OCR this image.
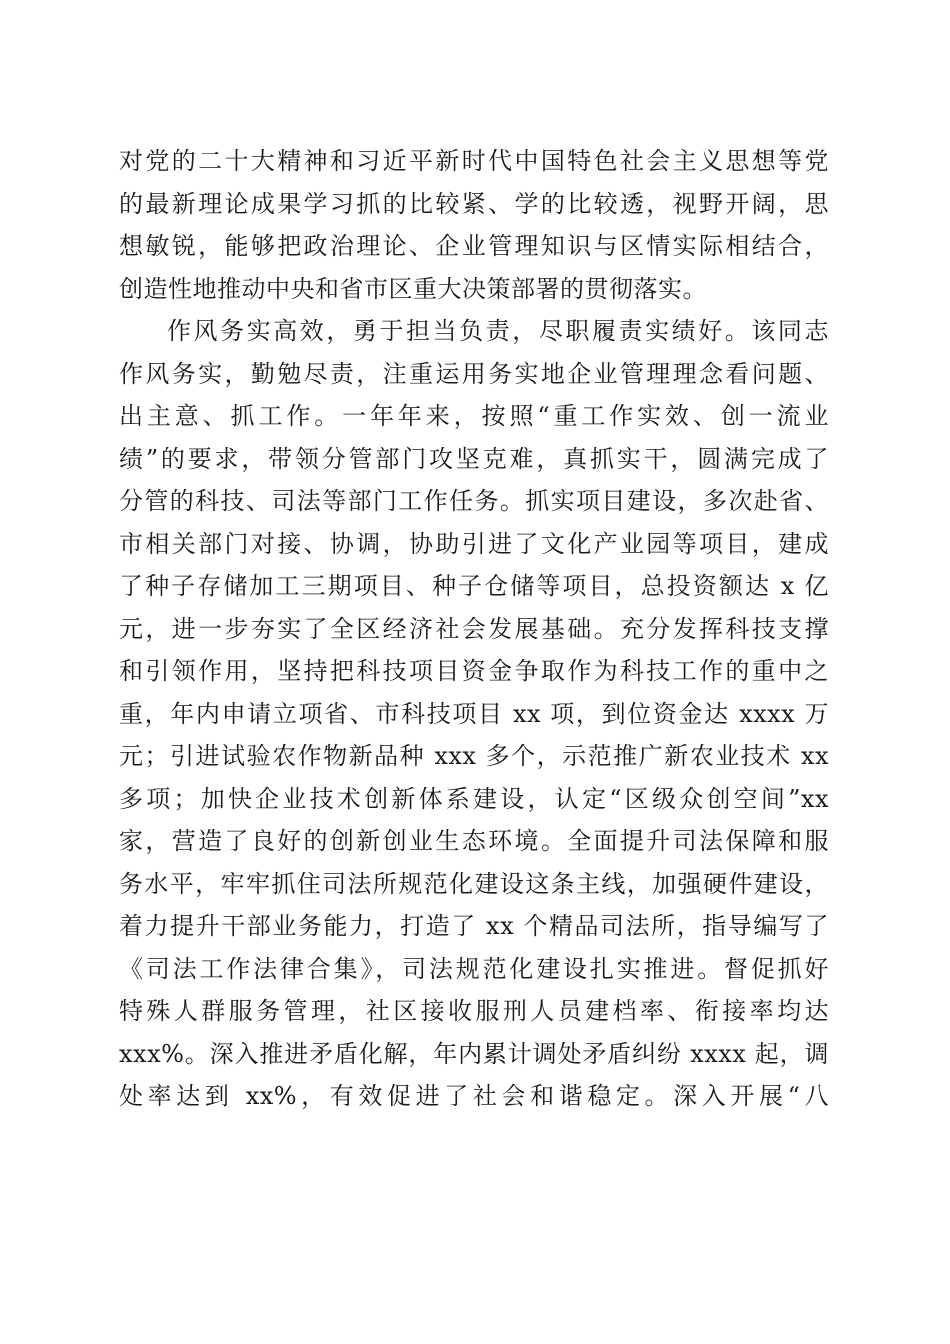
对党的二十大精神和习近平新时代中国特色社会主义思想等党
的最新理论成果学习抓的比较紧、学的比较透，视野开阔，思
想敏锐，能够把政治理论、企业管理知识与区情实际相结合，
创造性地推动中央和省市区重大决策部署的贯彻落实。
作风务实高效，勇于担当负责，尽职履责实绩好。该同志
作风务实，勤勉尽责，注重运用务实地企业管理理念看问题、
出主意、抓工作。一年年来，按照“重工作实效、创一流业
绩”的要求，带领分管部门攻坚克难，真抓实干，圆满完成了
分管的科技、司法等部门工作任务。抓实项目建设，多次赴省、
市相关部门对接、协调，协助引进了文化产业园等项目，建成
了种子存储加工三期项目、种子仓储等项目，总投资额达 x 亿
元，进一步夯实了全区经济社会发展基础。充分发挥科技支撑
和引领作用，坚持把科技项目资金争取作为科技工作的重中之
重，年内申请立项省、市科技项目 xx 项，到位资金达 xxxx 万
元；引进试验农作物新品种 xxx 多个，示范推广新农业技术 xx
多项；加快企业技术创新体系建设，认定“区级众创空间”xx
家，营造了良好的创新创业生态环境。全面提升司法保障和服
务水平，牢牢抓住司法所规范化建设这条主线，加强硬件建设，
着力提升干部业务能力，打造了 xx 个精品司法所，指导编写了
《司法工作法律合集》，司法规范化建设扎实推进。督促抓好
特殊人群服务管理，社区接收服刑人员建档率、衔接率均达
xxx%。深入推进矛盾化解，年内累计调处矛盾纠纷 xxxx 起，调
处率达到 xx%，有效促进了社会和谐稳定。深入开展“八
